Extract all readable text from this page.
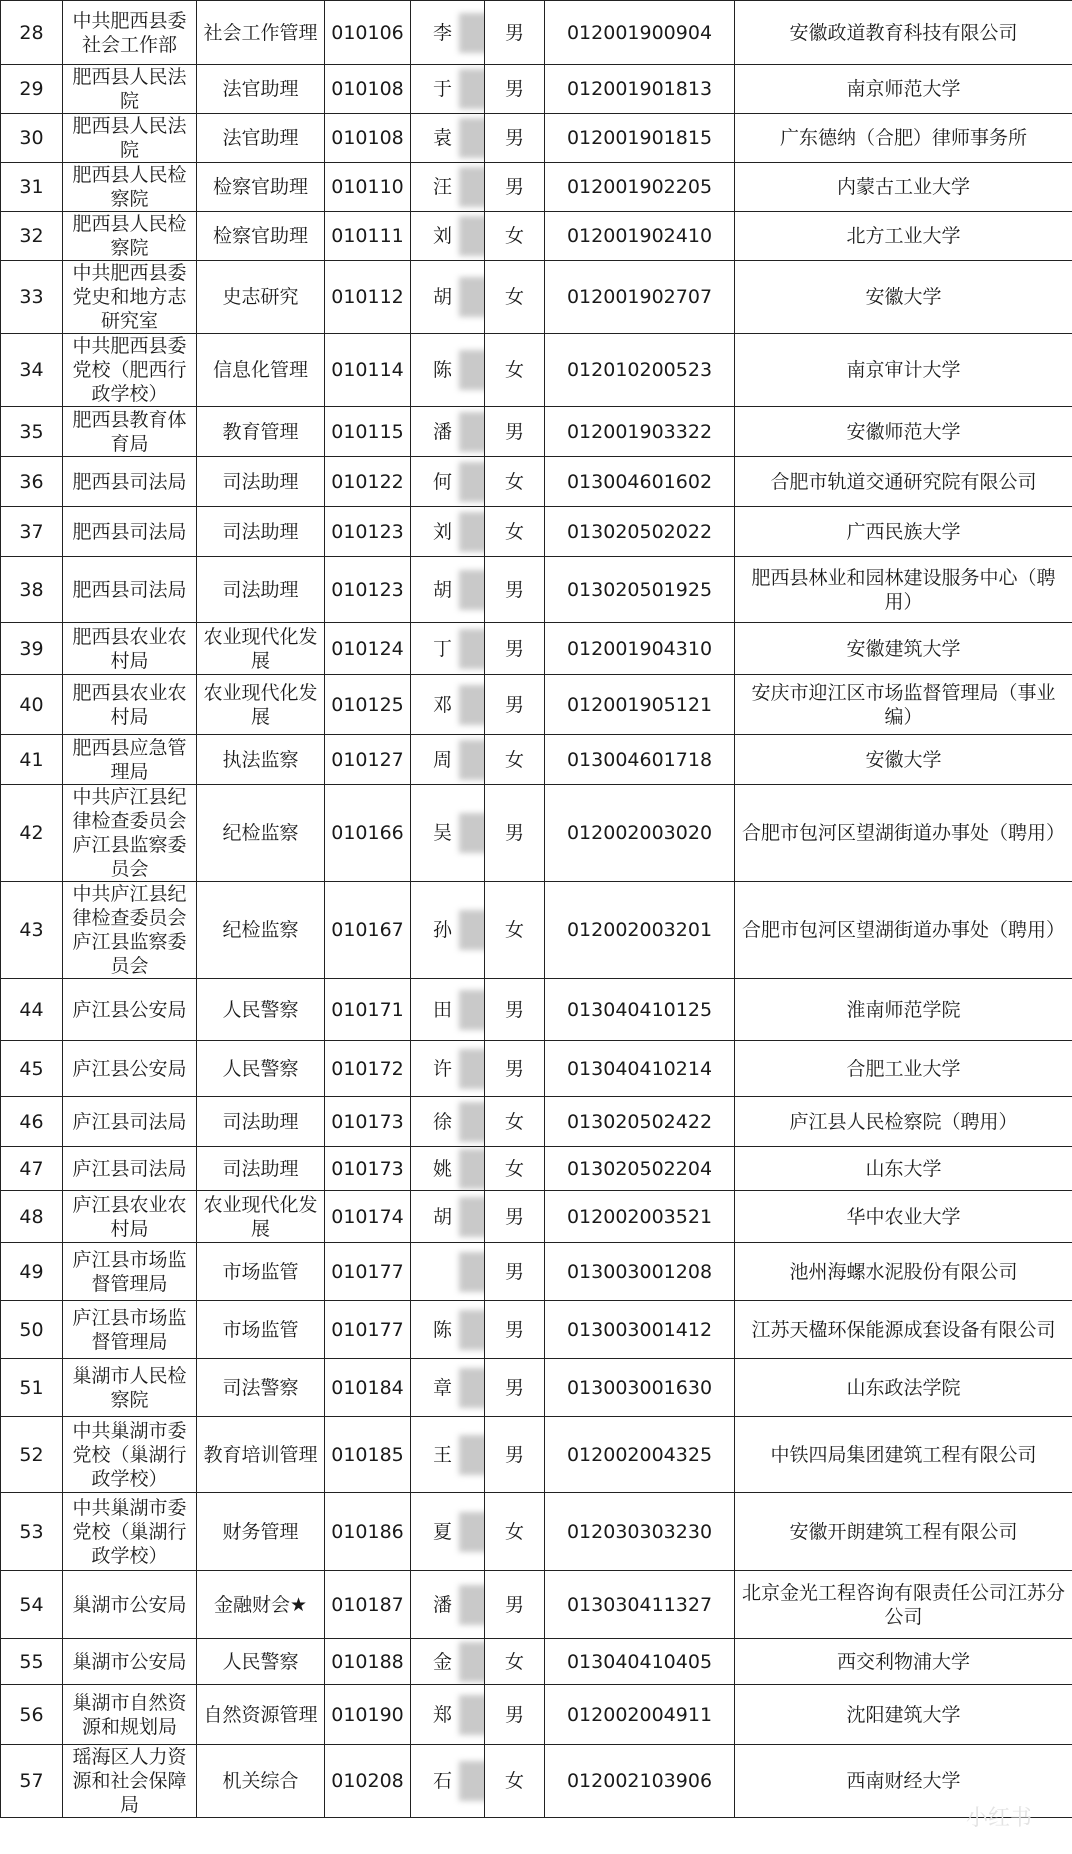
28	中共肥西县委社会工作部	社会工作管理	010106	李	男	012001900904	安徽政道教育科技有限公司
29	肥西县人民法院	法官助理	010108	于	男	012001901813	南京师范大学
30	肥西县人民法院	法官助理	010108	袁	男	012001901815	广东德纳（合肥）律师事务所
31	肥西县人民检察院	检察官助理	010110	汪	男	012001902205	内蒙古工业大学
32	肥西县人民检察院	检察官助理	010111	刘	女	012001902410	北方工业大学
33	中共肥西县委党史和地方志研究室	史志研究	010112	胡	女	012001902707	安徽大学
34	中共肥西县委党校（肥西行政学校）	信息化管理	010114	陈	女	012010200523	南京审计大学
35	肥西县教育体育局	教育管理	010115	潘	男	012001903322	安徽师范大学
36	肥西县司法局	司法助理	010122	何	女	013004601602	合肥市轨道交通研究院有限公司
37	肥西县司法局	司法助理	010123	刘	女	013020502022	广西民族大学
38	肥西县司法局	司法助理	010123	胡	男	013020501925	肥西县林业和园林建设服务中心（聘用）
39	肥西县农业农村局	农业现代化发展	010124	丁	男	012001904310	安徽建筑大学
40	肥西县农业农村局	农业现代化发展	010125	邓	男	012001905121	安庆市迎江区市场监督管理局（事业编）
41	肥西县应急管理局	执法监察	010127	周	女	013004601718	安徽大学
42	中共庐江县纪律检查委员会 庐江县监察委员会	纪检监察	010166	吴	男	012002003020	合肥市包河区望湖街道办事处（聘用）
43	中共庐江县纪律检查委员会 庐江县监察委员会	纪检监察	010167	孙	女	012002003201	合肥市包河区望湖街道办事处（聘用）
44	庐江县公安局	人民警察	010171	田	男	013040410125	淮南师范学院
45	庐江县公安局	人民警察	010172	许	男	013040410214	合肥工业大学
46	庐江县司法局	司法助理	010173	徐	女	013020502422	庐江县人民检察院（聘用）
47	庐江县司法局	司法助理	010173	姚	女	013020502204	山东大学
48	庐江县农业农村局	农业现代化发展	010174	胡	男	012002003521	华中农业大学
49	庐江县市场监督管理局	市场监管	010177		男	013003001208	池州海螺水泥股份有限公司
50	庐江县市场监督管理局	市场监管	010177	陈	男	013003001412	江苏天楹环保能源成套设备有限公司
51	巢湖市人民检察院	司法警察	010184	章	男	013003001630	山东政法学院
52	中共巢湖市委党校（巢湖行政学校）	教育培训管理	010185	王	男	012002004325	中铁四局集团建筑工程有限公司
53	中共巢湖市委党校（巢湖行政学校）	财务管理	010186	夏	女	012030303230	安徽开朗建筑工程有限公司
54	巢湖市公安局	金融财会★	010187	潘	男	013030411327	北京金光工程咨询有限责任公司江苏分公司
55	巢湖市公安局	人民警察	010188	金	女	013040410405	西交利物浦大学
56	巢湖市自然资源和规划局	自然资源管理	010190	郑	男	012002004911	沈阳建筑大学
57	瑶海区人力资源和社会保障局	机关综合	010208	石	女	012002103906	西南财经大学
小红书
